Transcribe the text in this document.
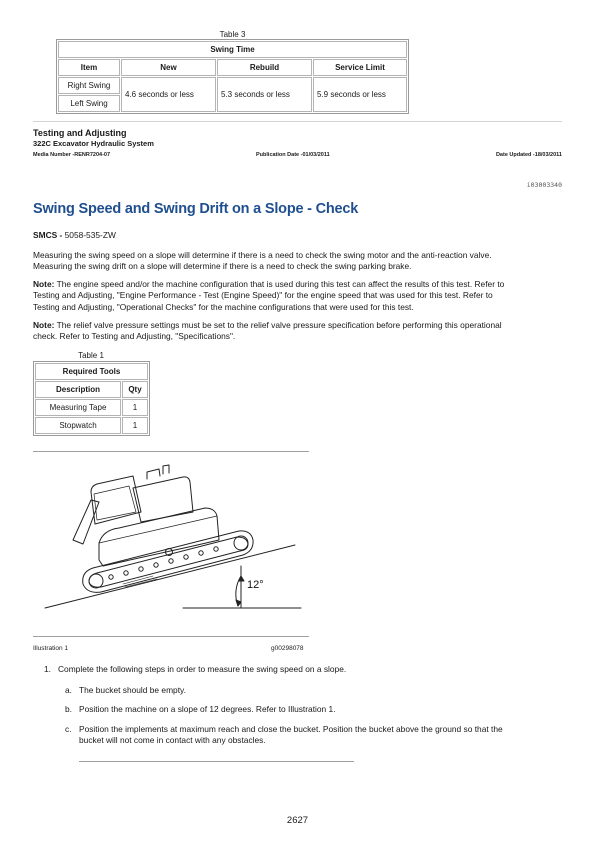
Table 3
Swing Time			
Item	New	Rebuild	Service Limit
Right Swing	4.6 seconds or less	5.3 seconds or less	5.9 seconds or less
Left Swing			
Testing and Adjusting
322C Excavator Hydraulic System
Media Number -RENR7204-07	Publication Date -01/03/2011	Date Updated -18/03/2011
i03003340
Swing Speed and Swing Drift on a Slope - Check
SMCS - 5058-535-ZW
Measuring the swing speed on a slope will determine if there is a need to check the swing motor and the anti-reaction valve.
Measuring the swing drift on a slope will determine if there is a need to check the swing parking brake.
Note: The engine speed and/or the machine configuration that is used during this test can affect the results of this test. Refer to
Testing and Adjusting, "Engine Performance - Test (Engine Speed)" for the engine speed that was used for this test. Refer to
Testing and Adjusting, "Operational Checks" for the machine configurations that were used for this test.
Note: The relief valve pressure settings must be set to the relief valve pressure specification before performing this operational
check. Refer to Testing and Adjusting, "Specifications".
Table 1
Required Tools	
Description	Qty
Measuring Tape	1
Stopwatch	1
12°
Illustration 1	g00298078
1. Complete the following steps in order to measure the swing speed on a slope.
a. The bucket should be empty.
b. Position the machine on a slope of 12 degrees. Refer to Illustration 1.
c. Position the implements at maximum reach and close the bucket. Position the bucket above the ground so that the
bucket will not come in contact with any obstacles.
2627
